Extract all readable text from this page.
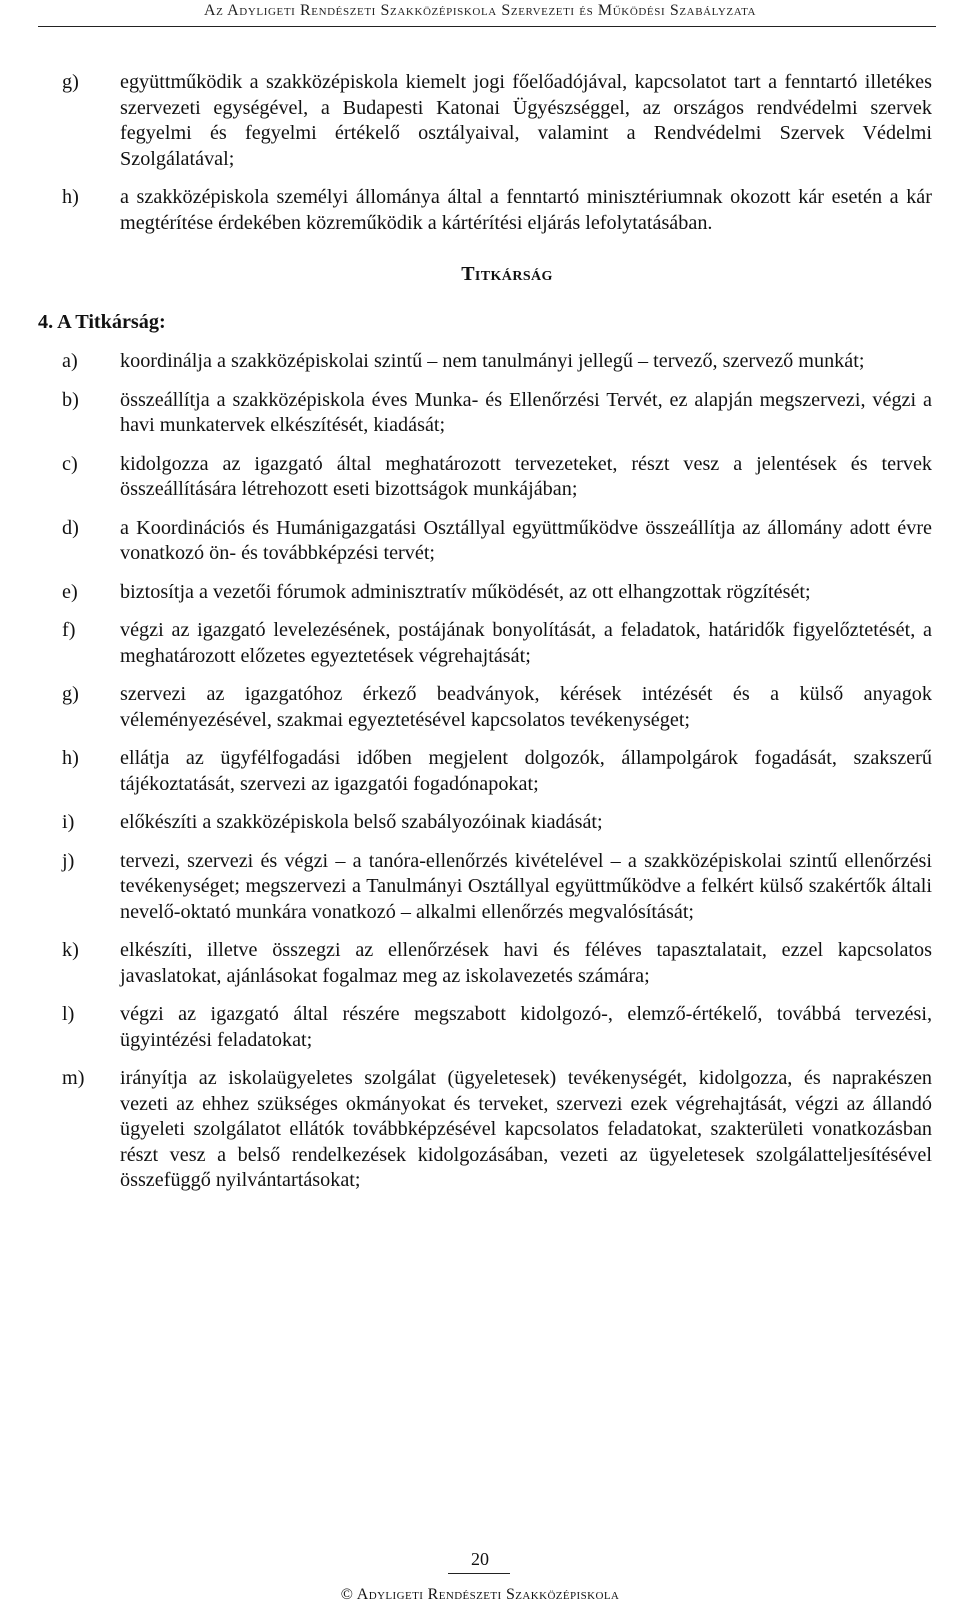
Az Adyligeti Rendészeti Szakközépiskola Szervezeti és Működési Szabályzata
g)	együttműködik a szakközépiskola kiemelt jogi főelőadójával, kapcsolatot tart a fenntartó illetékes szervezeti egységével, a Budapesti Katonai Ügyészséggel, az országos rendvédelmi szervek fegyelmi és fegyelmi értékelő osztályaival, valamint a Rendvédelmi Szervek Védelmi Szolgálatával;
h)	a szakközépiskola személyi állománya által a fenntartó minisztériumnak okozott kár esetén a kár megtérítése érdekében közreműködik a kártérítési eljárás lefolytatásában.
Titkárság
4. A Titkárság:
a)	koordinálja a szakközépiskolai szintű – nem tanulmányi jellegű – tervező, szervező munkát;
b)	összeállítja a szakközépiskola éves Munka- és Ellenőrzési Tervét, ez alapján megszervezi, végzi a havi munkatervek elkészítését, kiadását;
c)	kidolgozza az igazgató által meghatározott tervezeteket, részt vesz a jelentések és tervek összeállítására létrehozott eseti bizottságok munkájában;
d)	a Koordinációs és Humánigazgatási Osztállyal együttműködve összeállítja az állomány adott évre vonatkozó ön- és továbbképzési tervét;
e)	biztosítja a vezetői fórumok adminisztratív működését, az ott elhangzottak rögzítését;
f)	végzi az igazgató levelezésének, postájának bonyolítását, a feladatok, határidők figyelőztetését, a meghatározott előzetes egyeztetések végrehajtását;
g)	szervezi az igazgatóhoz érkező beadványok, kérések intézését és a külső anyagok véleményezésével, szakmai egyeztetésével kapcsolatos tevékenységet;
h)	ellátja az ügyfélfogadási időben megjelent dolgozók, állampolgárok fogadását, szakszerű tájékoztatását, szervezi az igazgatói fogadónapokat;
i)	előkészíti a szakközépiskola belső szabályozóinak kiadását;
j)	tervezi, szervezi és végzi – a tanóra-ellenőrzés kivételével – a szakközépiskolai szintű ellenőrzési tevékenységet; megszervezi a Tanulmányi Osztállyal együttműködve a felkért külső szakértők általi nevelő-oktató munkára vonatkozó – alkalmi ellenőrzés megvalósítását;
k)	elkészíti, illetve összegzi az ellenőrzések havi és féléves tapasztalatait, ezzel kapcsolatos javaslatokat, ajánlásokat fogalmaz meg az iskolavezetés számára;
l)	végzi az igazgató által részére megszabott kidolgozó-, elemző-értékelő, továbbá tervezési, ügyintézési feladatokat;
m)	irányítja az iskolaügyeletes szolgálat (ügyeletesek) tevékenységét, kidolgozza, és naprakészen vezeti az ehhez szükséges okmányokat és terveket, szervezi ezek végrehajtását, végzi az állandó ügyeleti szolgálatot ellátók továbbképzésével kapcsolatos feladatokat, szakterületi vonatkozásban részt vesz a belső rendelkezések kidolgozásában, vezeti az ügyeletesek szolgálatteljesítésével összefüggő nyilvántartásokat;
20
© Adyligeti Rendészeti Szakközépiskola
